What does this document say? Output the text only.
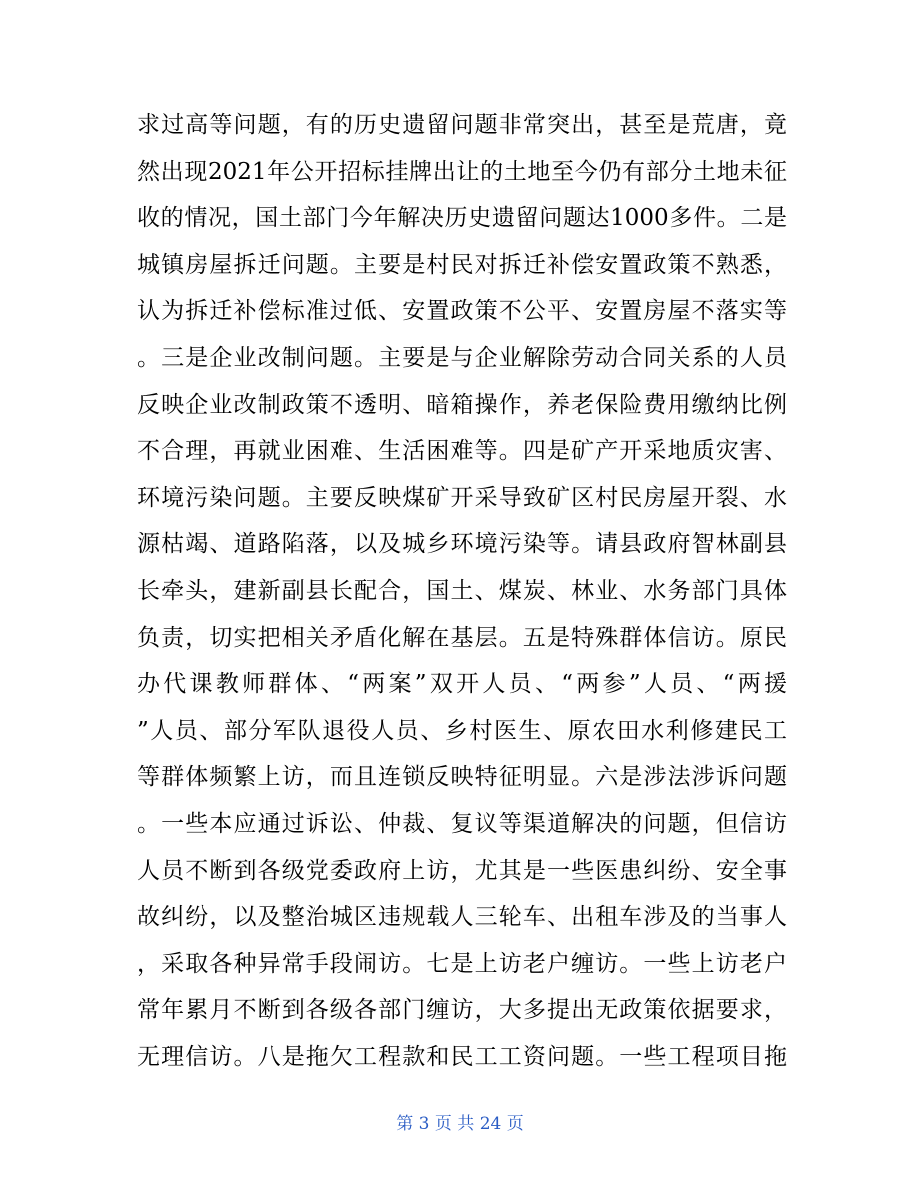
求过高等问题，有的历史遗留问题非常突出，甚至是荒唐，竟
然出现2021年公开招标挂牌出让的土地至今仍有部分土地未征
收的情况，国土部门今年解决历史遗留问题达1000多件。二是
城镇房屋拆迁问题。主要是村民对拆迁补偿安置政策不熟悉，
认为拆迁补偿标准过低、安置政策不公平、安置房屋不落实等
。三是企业改制问题。主要是与企业解除劳动合同关系的人员
反映企业改制政策不透明、暗箱操作，养老保险费用缴纳比例
不合理，再就业困难、生活困难等。四是矿产开采地质灾害、
环境污染问题。主要反映煤矿开采导致矿区村民房屋开裂、水
源枯竭、道路陷落，以及城乡环境污染等。请县政府智林副县
长牵头，建新副县长配合，国土、煤炭、林业、水务部门具体
负责，切实把相关矛盾化解在基层。五是特殊群体信访。原民
办代课教师群体、“两案”双开人员、“两参”人员、“两援
”人员、部分军队退役人员、乡村医生、原农田水利修建民工
等群体频繁上访，而且连锁反映特征明显。六是涉法涉诉问题
。一些本应通过诉讼、仲裁、复议等渠道解决的问题，但信访
人员不断到各级党委政府上访，尤其是一些医患纠纷、安全事
故纠纷，以及整治城区违规载人三轮车、出租车涉及的当事人
，采取各种异常手段闹访。七是上访老户缠访。一些上访老户
常年累月不断到各级各部门缠访，大多提出无政策依据要求，
无理信访。八是拖欠工程款和民工工资问题。一些工程项目拖
第 3 页 共 24 页
